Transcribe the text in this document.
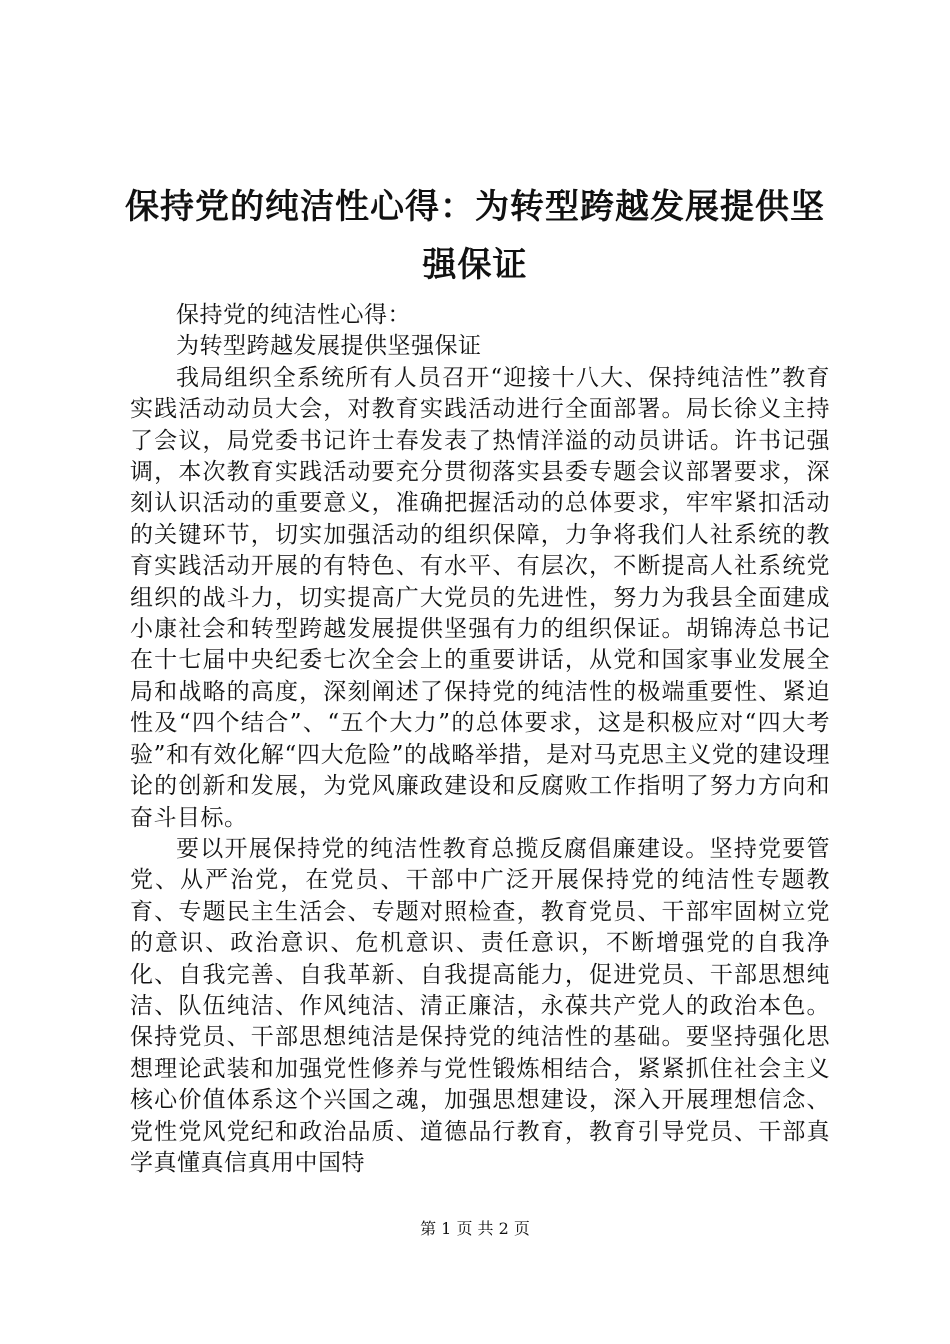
保持党的纯洁性心得：为转型跨越发展提供坚强保证

保持党的纯洁性心得：

为转型跨越发展提供坚强保证

我局组织全系统所有人员召开“迎接十八大、保持纯洁性”教育实践活动动员大会，对教育实践活动进行全面部署。局长徐义主持了会议，局党委书记许士春发表了热情洋溢的动员讲话。许书记强调，本次教育实践活动要充分贯彻落实县委专题会议部署要求，深刻认识活动的重要意义，准确把握活动的总体要求，牢牢紧扣活动的关键环节，切实加强活动的组织保障，力争将我们人社系统的教育实践活动开展的有特色、有水平、有层次，不断提高人社系统党组织的战斗力，切实提高广大党员的先进性，努力为我县全面建成小康社会和转型跨越发展提供坚强有力的组织保证。胡锦涛总书记在十七届中央纪委七次全会上的重要讲话，从党和国家事业发展全局和战略的高度，深刻阐述了保持党的纯洁性的极端重要性、紧迫性及“四个结合”、“五个大力”的总体要求，这是积极应对“四大考验”和有效化解“四大危险”的战略举措，是对马克思主义党的建设理论的创新和发展，为党风廉政建设和反腐败工作指明了努力方向和奋斗目标。

要以开展保持党的纯洁性教育总揽反腐倡廉建设。坚持党要管党、从严治党，在党员、干部中广泛开展保持党的纯洁性专题教育、专题民主生活会、专题对照检查，教育党员、干部牢固树立党的意识、政治意识、危机意识、责任意识，不断增强党的自我净化、自我完善、自我革新、自我提高能力，促进党员、干部思想纯洁、队伍纯洁、作风纯洁、清正廉洁，永葆共产党人的政治本色。保持党员、干部思想纯洁是保持党的纯洁性的基础。要坚持强化思想理论武装和加强党性修养与党性锻炼相结合，紧紧抓住社会主义核心价值体系这个兴国之魂，加强思想建设，深入开展理想信念、党性党风党纪和政治品质、道德品行教育，教育引导党员、干部真学真懂真信真用中国特

第 1 页 共 2 页
